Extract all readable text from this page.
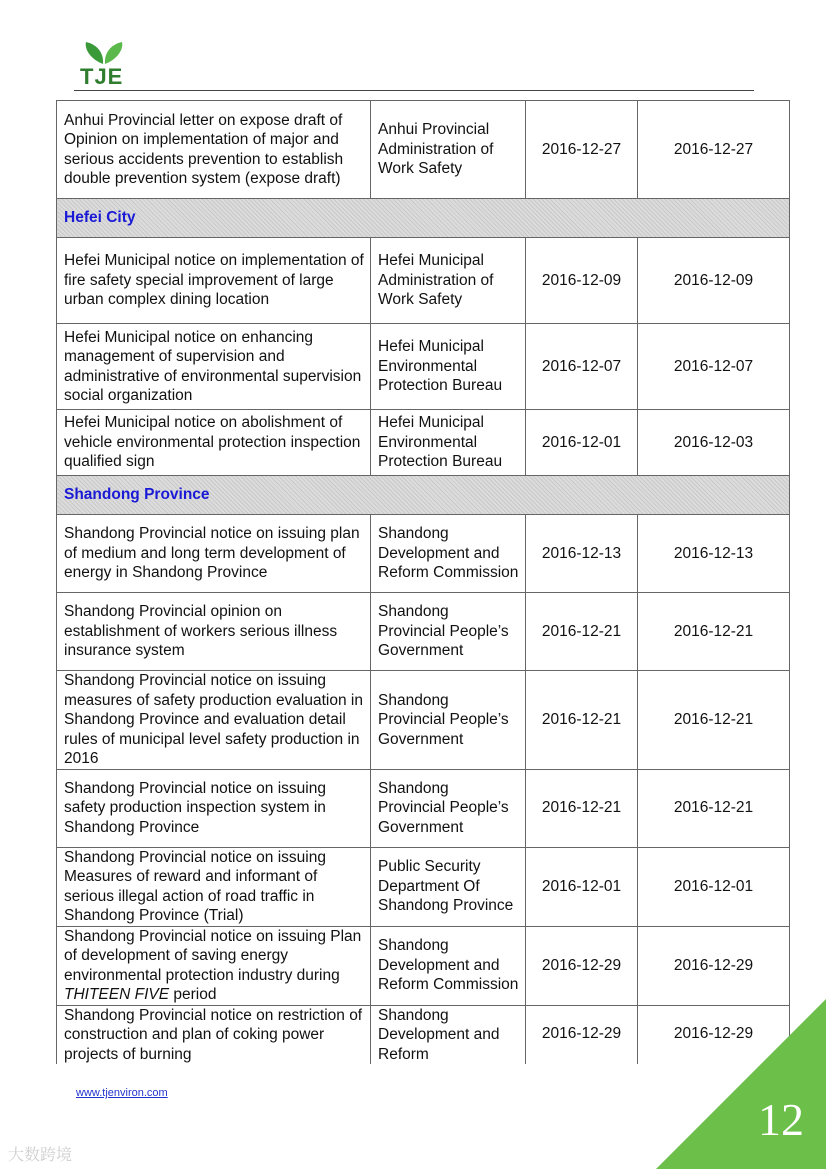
TJE
Anhui Provincial letter on expose draft of Opinion on implementation of major and serious accidents prevention to establish double prevention system (expose draft)	Anhui Provincial Administration of Work Safety	2016-12-27	2016-12-27
Hefei City			
Hefei Municipal notice on implementation of fire safety special improvement of large urban complex dining location	Hefei Municipal Administration of Work Safety	2016-12-09	2016-12-09
Hefei Municipal notice on enhancing management of supervision and administrative of environmental supervision social organization	Hefei Municipal Environmental Protection Bureau	2016-12-07	2016-12-07
Hefei Municipal notice on abolishment of vehicle environmental protection inspection qualified sign	Hefei Municipal Environmental Protection Bureau	2016-12-01	2016-12-03
Shandong Province			
Shandong Provincial notice on issuing plan of medium and long term development of energy in Shandong Province	Shandong Development and Reform Commission	2016-12-13	2016-12-13
Shandong Provincial opinion on establishment of workers serious illness insurance system	Shandong Provincial People’s Government	2016-12-21	2016-12-21
Shandong Provincial notice on issuing measures of safety production evaluation in Shandong Province and evaluation detail rules of municipal level safety production in 2016	Shandong Provincial People’s Government	2016-12-21	2016-12-21
Shandong Provincial notice on issuing safety production inspection system in Shandong Province	Shandong Provincial People’s Government	2016-12-21	2016-12-21
Shandong Provincial notice on issuing Measures of reward and informant of serious illegal action of road traffic in Shandong Province (Trial)	Public Security Department Of Shandong Province	2016-12-01	2016-12-01
Shandong Provincial notice on issuing Plan of development of saving energy environmental protection industry during THITEEN FIVE period	Shandong Development and Reform Commission	2016-12-29	2016-12-29
Shandong Provincial notice on restriction of construction and plan of coking power projects of burning	Shandong Development and Reform	2016-12-29	2016-12-29
www.tjenviron.com
12
大数跨境
